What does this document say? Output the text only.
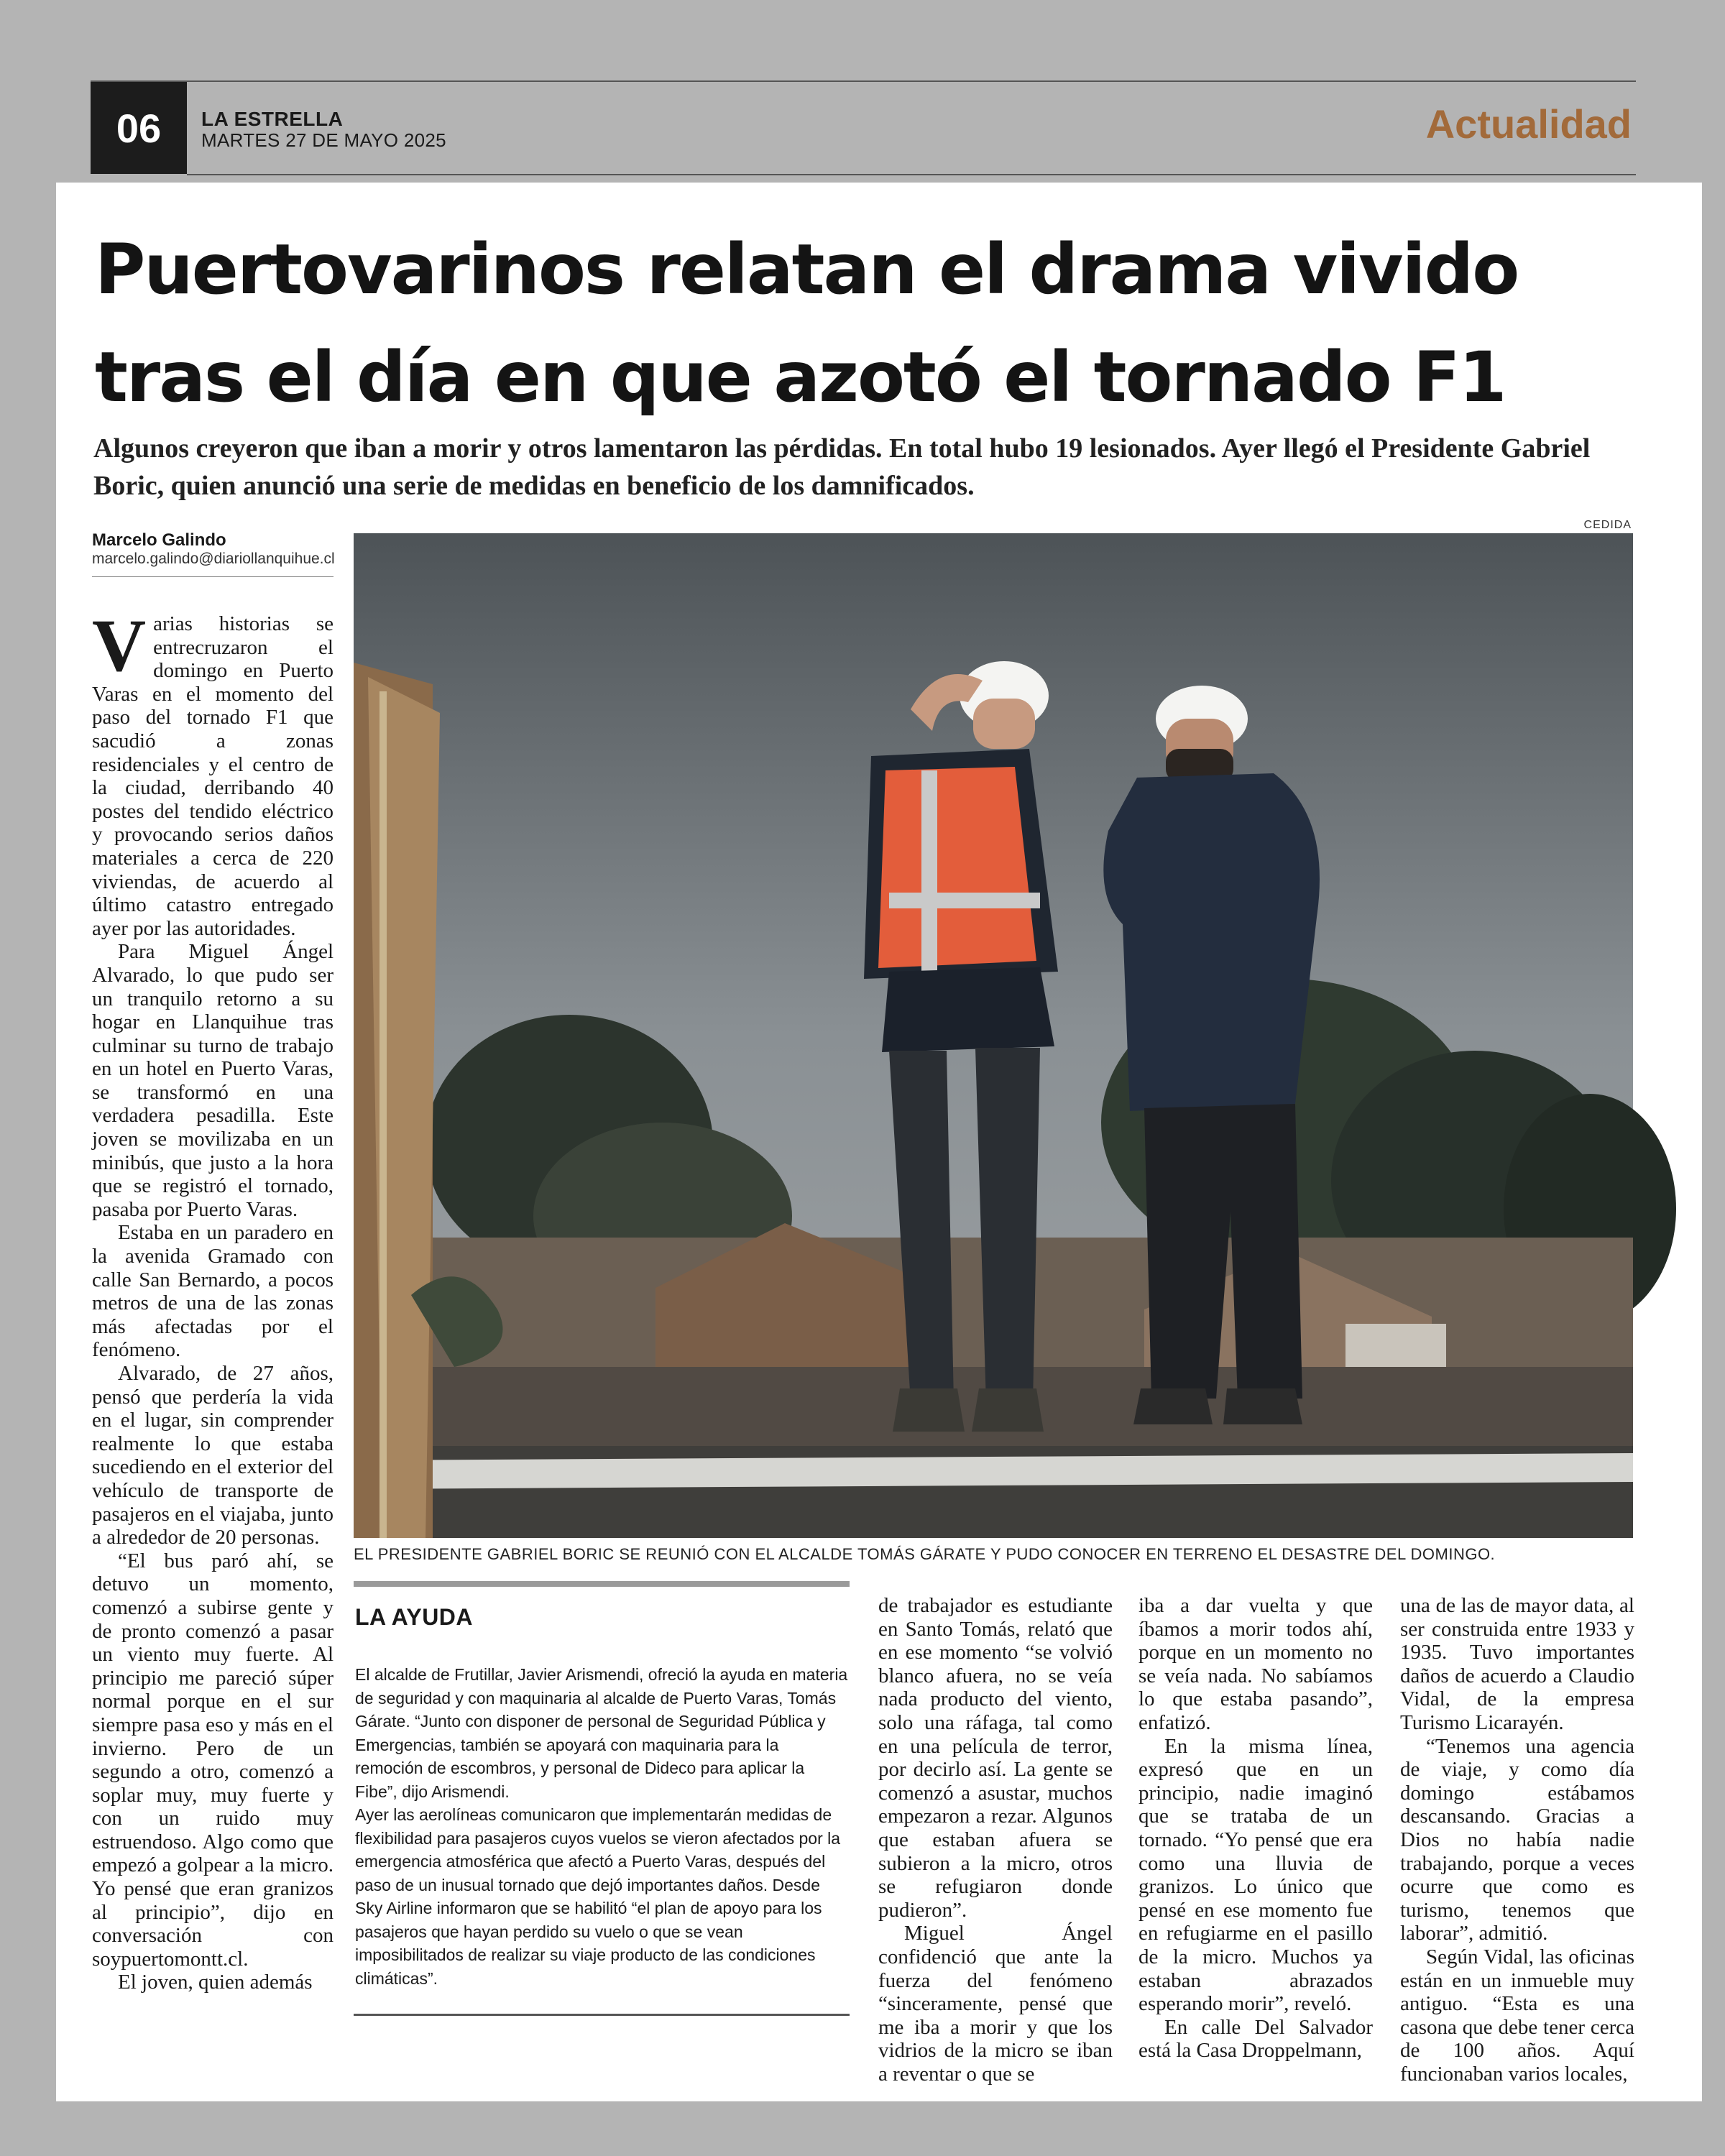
06	LA ESTRELLA
MARTES 27 DE MAYO 2025	Actualidad
Puertovarinos relatan el drama vivido
tras el día en que azotó el tornado F1
Algunos creyeron que iban a morir y otros lamentaron las pérdidas. En total hubo 19 lesionados. Ayer llegó el Presidente Gabriel Boric, quien anunció una serie de medidas en beneficio de los damnificados.
Marcelo Galindo
marcelo.galindo@diariollanquihue.cl
CEDIDA
EL PRESIDENTE GABRIEL BORIC SE REUNIÓ CON EL ALCALDE TOMÁS GÁRATE Y PUDO CONOCER EN TERRENO EL DESASTRE DEL DOMINGO.

Varias historias se entrecruzaron el domingo en Puerto Varas en el momento del paso del tornado F1 que sacudió a zonas residenciales y el centro de la ciudad, derribando 40 postes del tendido eléctrico y provocando serios daños materiales a cerca de 220 viviendas, de acuerdo al último catastro entregado ayer por las autoridades.

Para Miguel Ángel Alvarado, lo que pudo ser un tranquilo retorno a su hogar en Llanquihue tras culminar su turno de trabajo en un hotel en Puerto Varas, se transformó en una verdadera pesadilla. Este joven se movilizaba en un minibús, que justo a la hora que se registró el tornado, pasaba por Puerto Varas.

Estaba en un paradero en la avenida Gramado con calle San Bernardo, a pocos metros de una de las zonas más afectadas por el fenómeno.

Alvarado, de 27 años, pensó que perdería la vida en el lugar, sin comprender realmente lo que estaba sucediendo en el exterior del vehículo de transporte de pasajeros en el viajaba, junto a alrededor de 20 personas.

“El bus paró ahí, se detuvo un momento, comenzó a subirse gente y de pronto comenzó a pasar un viento muy fuerte. Al principio me pareció súper normal porque en el sur siempre pasa eso y más en el invierno. Pero de un segundo a otro, comenzó a soplar muy, muy fuerte y con un ruido muy estruendoso. Algo como que empezó a golpear a la micro. Yo pensé que eran granizos al principio”, dijo en conversación con soypuertomontt.cl.

El joven, quien además

LA AYUDA

El alcalde de Frutillar, Javier Arismendi, ofreció la ayuda en materia de seguridad y con maquinaria al alcalde de Puerto Varas, Tomás Gárate. “Junto con disponer de personal de Seguridad Pública y Emergencias, también se apoyará con maquinaria para la remoción de escombros, y personal de Dideco para aplicar la Fibe”, dijo Arismendi.

Ayer las aerolíneas comunicaron que implementarán medidas de flexibilidad para pasajeros cuyos vuelos se vieron afectados por la emergencia atmosférica que afectó a Puerto Varas, después del paso de un inusual tornado que dejó importantes daños. Desde Sky Airline informaron que se habilitó “el plan de apoyo para los pasajeros que hayan perdido su vuelo o que se vean imposibilitados de realizar su viaje producto de las condiciones climáticas”.

de trabajador es estudiante en Santo Tomás, relató que en ese momento “se volvió blanco afuera, no se veía nada producto del viento, solo una ráfaga, tal como en una película de terror, por decirlo así. La gente se comenzó a asustar, muchos empezaron a rezar. Algunos que estaban afuera se subieron a la micro, otros se refugiaron donde pudieron”.

Miguel Ángel confidenció que ante la fuerza del fenómeno “sinceramente, pensé que me iba a morir y que los vidrios de la micro se iban a reventar o que se

iba a dar vuelta y que íbamos a morir todos ahí, porque en un momento no se veía nada. No sabíamos lo que estaba pasando”, enfatizó.

En la misma línea, expresó que en un principio, nadie imaginó que se trataba de un tornado. “Yo pensé que era como una lluvia de granizos. Lo único que pensé en ese momento fue en refugiarme en el pasillo de la micro. Muchos ya estaban abrazados esperando morir”, reveló.

En calle Del Salvador está la Casa Droppelmann,

una de las de mayor data, al ser construida entre 1933 y 1935. Tuvo importantes daños de acuerdo a Claudio Vidal, de la empresa Turismo Licarayén.

“Tenemos una agencia de viaje, y como día domingo estábamos descansando. Gracias a Dios no había nadie trabajando, porque a veces ocurre que como es turismo, tenemos que laborar”, admitió.

Según Vidal, las oficinas están en un inmueble muy antiguo. “Esta es una casona que debe tener cerca de 100 años. Aquí funcionaban varios locales,
